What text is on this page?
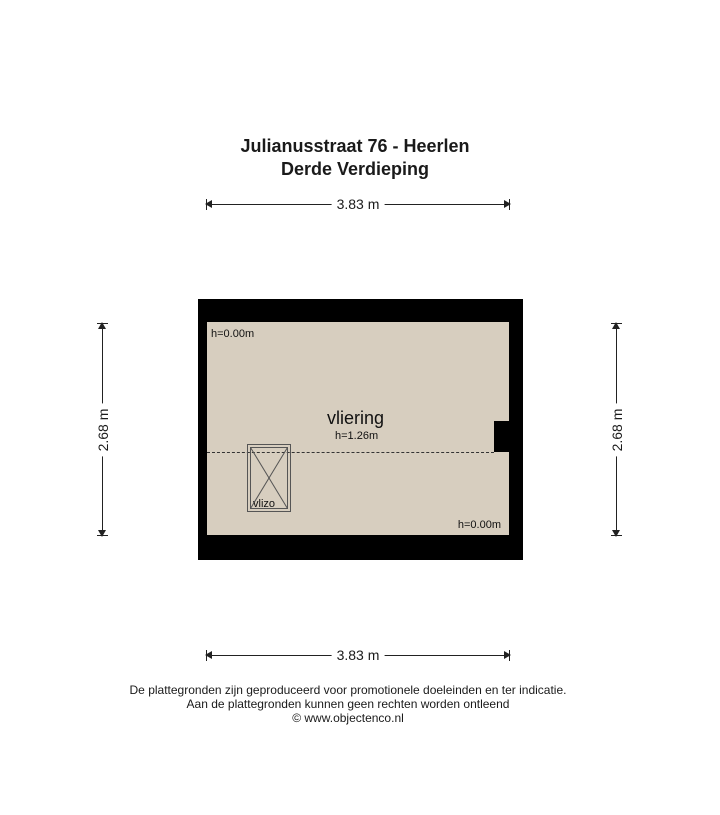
Julianusstraat 76 - Heerlen
Derde Verdieping
3.83 m
2.68 m	2.68 m
h=0.00m
vliering
h=1.26m
vlizo
h=0.00m
3.83 m
De plattegronden zijn geproduceerd voor promotionele doeleinden en ter indicatie.
Aan de plattegronden kunnen geen rechten worden ontleend
© www.objectenco.nl
